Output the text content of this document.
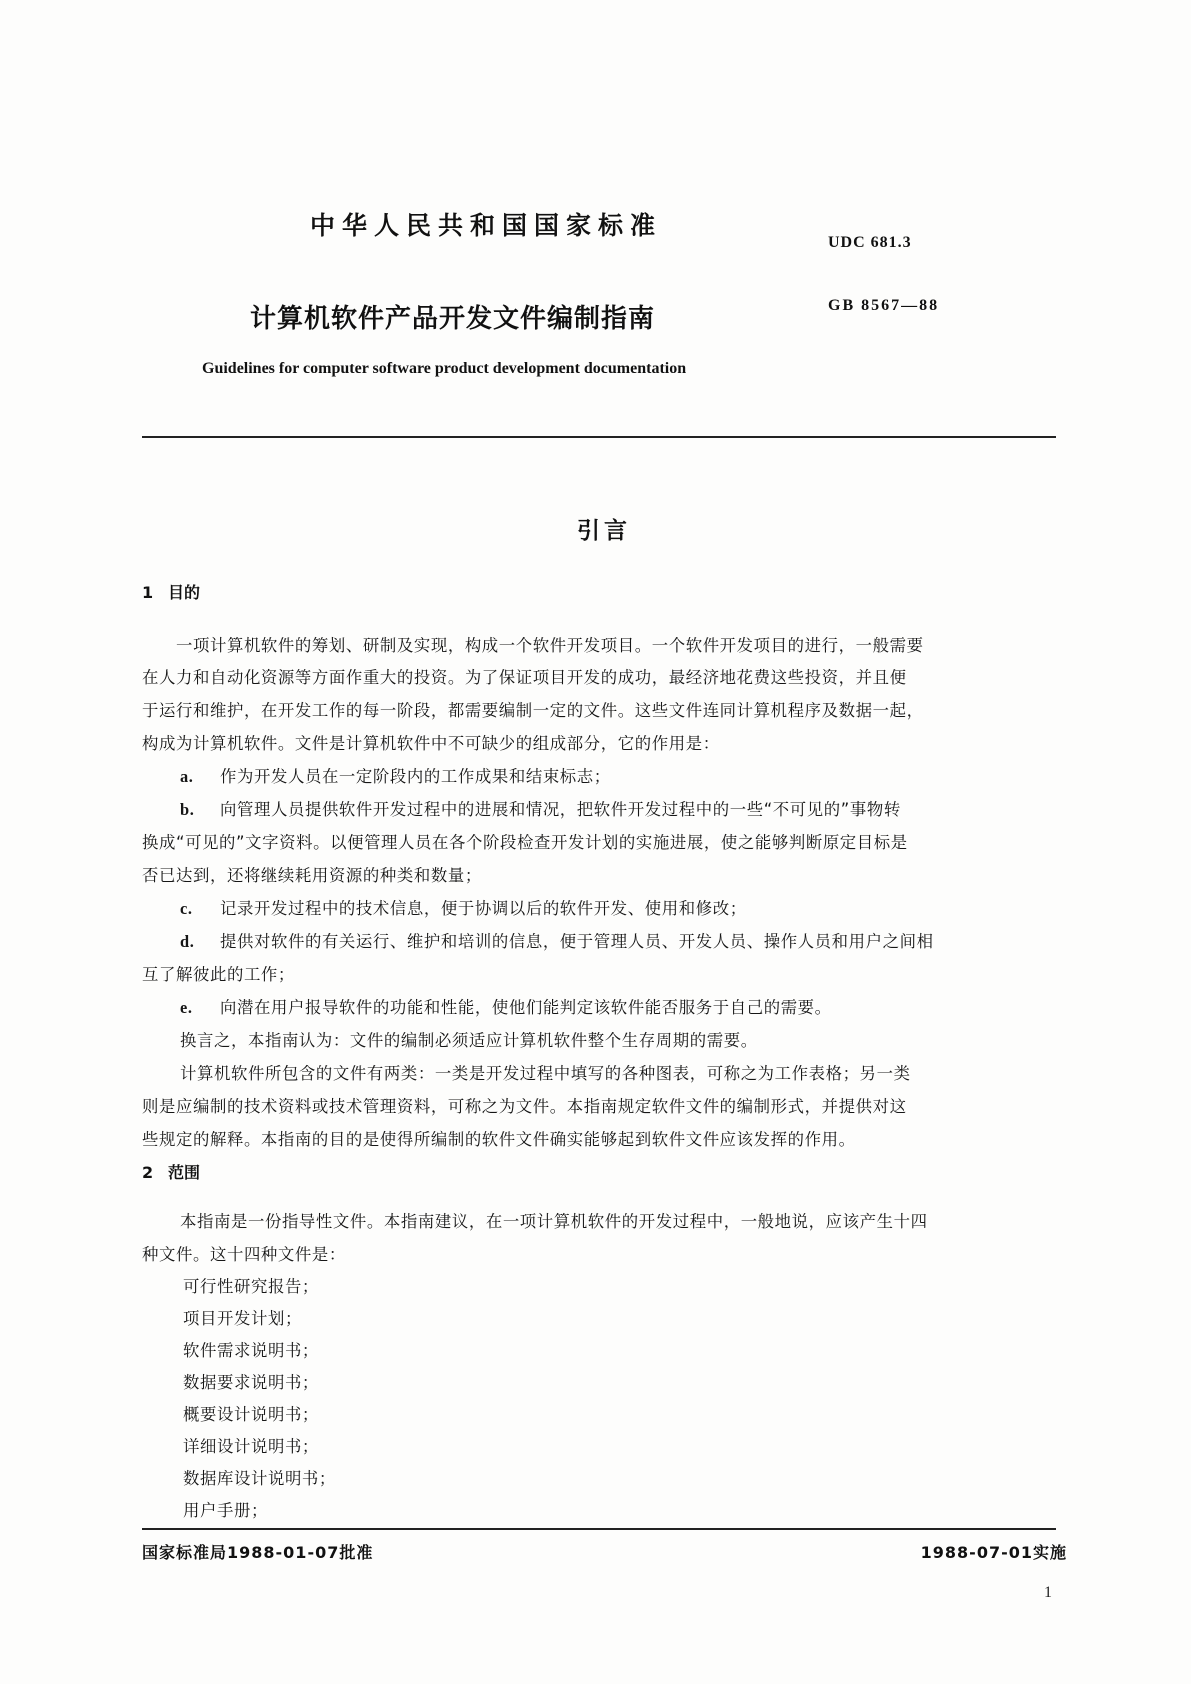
中华人民共和国国家标准
UDC 681.3
计算机软件产品开发文件编制指南	GB 8567—88
Guidelines for computer software product development documentation
引言
1 目的
　　一项计算机软件的筹划、研制及实现，构成一个软件开发项目。一个软件开发项目的进行，一般需要
在人力和自动化资源等方面作重大的投资。为了保证项目开发的成功，最经济地花费这些投资，并且便
于运行和维护，在开发工作的每一阶段，都需要编制一定的文件。这些文件连同计算机程序及数据一起，
构成为计算机软件。文件是计算机软件中不可缺少的组成部分，它的作用是：
a. 作为开发人员在一定阶段内的工作成果和结束标志；
b. 向管理人员提供软件开发过程中的进展和情况，把软件开发过程中的一些“不可见的”事物转
换成“可见的”文字资料。以便管理人员在各个阶段检查开发计划的实施进展，使之能够判断原定目标是
否已达到，还将继续耗用资源的种类和数量；
c. 记录开发过程中的技术信息，便于协调以后的软件开发、使用和修改；
d. 提供对软件的有关运行、维护和培训的信息，便于管理人员、开发人员、操作人员和用户之间相
互了解彼此的工作；
e. 向潜在用户报导软件的功能和性能，使他们能判定该软件能否服务于自己的需要。
换言之，本指南认为：文件的编制必须适应计算机软件整个生存周期的需要。
计算机软件所包含的文件有两类：一类是开发过程中填写的各种图表，可称之为工作表格；另一类
则是应编制的技术资料或技术管理资料，可称之为文件。本指南规定软件文件的编制形式，并提供对这
些规定的解释。本指南的目的是使得所编制的软件文件确实能够起到软件文件应该发挥的作用。
2 范围
本指南是一份指导性文件。本指南建议，在一项计算机软件的开发过程中，一般地说，应该产生十四
种文件。这十四种文件是：
可行性研究报告；
项目开发计划；
软件需求说明书；
数据要求说明书；
概要设计说明书；
详细设计说明书；
数据库设计说明书；
用户手册；
国家标准局1988-01-07批准	1988-07-01实施
1
